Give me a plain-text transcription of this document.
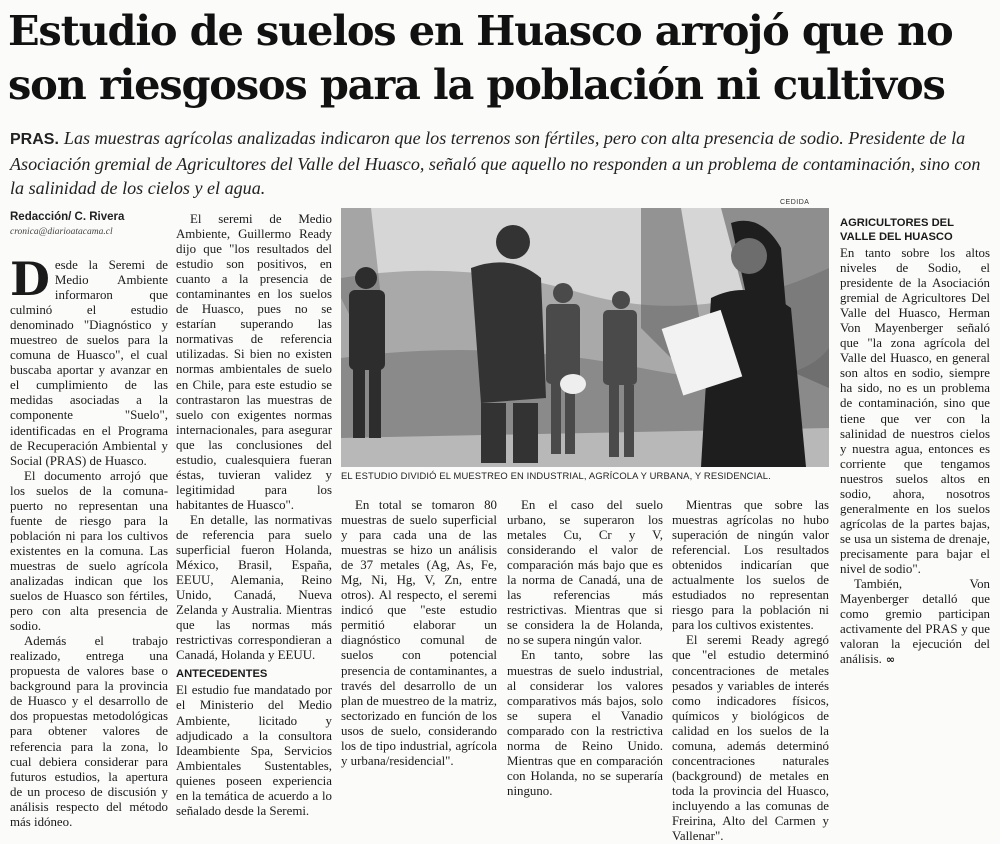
Estudio de suelos en Huasco arrojó que no
son riesgosos para la población ni cultivos

PRAS. Las muestras agrícolas analizadas indicaron que los terrenos son fértiles, pero con alta presencia de sodio. Presidente de la Asociación gremial de Agricultores del Valle del Huasco, señaló que aquello no responden a un problema de contaminación, sino con la salinidad de los cielos y el agua.

Redacción/ C. Rivera
cronica@diarioatacama.cl

Desde la Seremi de Medio Ambiente informaron que culminó el estudio denominado "Diagnóstico y muestreo de suelos para la comuna de Huasco", el cual buscaba aportar y avanzar en el cumplimiento de las medidas asociadas a la componente "Suelo", identificadas en el Programa de Recuperación Ambiental y Social (PRAS) de Huasco.

El documento arrojó que los suelos de la comuna-puerto no representan una fuente de riesgo para la población ni para los cultivos existentes en la comuna. Las muestras de suelo agrícola analizadas indican que los suelos de Huasco son fértiles, pero con alta presencia de sodio.

Además el trabajo realizado, entrega una propuesta de valores base o background para la provincia de Huasco y el desarrollo de dos propuestas metodológicas para obtener valores de referencia para la zona, lo cual debiera considerar para futuros estudios, la apertura de un proceso de discusión y análisis respecto del método más idóneo.

El seremi de Medio Ambiente, Guillermo Ready dijo que "los resultados del estudio son positivos, en cuanto a la presencia de contaminantes en los suelos de Huasco, pues no se estarían superando las normativas de referencia utilizadas. Si bien no existen normas ambientales de suelo en Chile, para este estudio se contrastaron las muestras de suelo con exigentes normas internacionales, para asegurar que las conclusiones del estudio, cualesquiera fueran éstas, tuvieran validez y legitimidad para los habitantes de Huasco".

En detalle, las normativas de referencia para suelo superficial fueron Holanda, México, Brasil, España, EEUU, Alemania, Reino Unido, Canadá, Nueva Zelanda y Australia. Mientras que las normas más restrictivas correspondieran a Canadá, Holanda y EEUU.

ANTECEDENTES

El estudio fue mandatado por el Ministerio del Medio Ambiente, licitado y adjudicado a la consultora Ideambiente Spa, Servicios Ambientales Sustentables, quienes poseen experiencia en la temática de acuerdo a lo señalado desde la Seremi.

CEDIDA
EL ESTUDIO DIVIDIÓ EL MUESTREO EN INDUSTRIAL, AGRÍCOLA Y URBANA, Y RESIDENCIAL.

En total se tomaron 80 muestras de suelo superficial y para cada una de las muestras se hizo un análisis de 37 metales (Ag, As, Fe, Mg, Ni, Hg, V, Zn, entre otros). Al respecto, el seremi indicó que "este estudio permitió elaborar un diagnóstico comunal de suelos con potencial presencia de contaminantes, a través del desarrollo de un plan de muestreo de la matriz, sectorizado en función de los usos de suelo, considerando los de tipo industrial, agrícola y urbana/residencial".

En el caso del suelo urbano, se superaron los metales Cu, Cr y V, considerando el valor de comparación más bajo que es la norma de Canadá, una de las referencias más restrictivas. Mientras que si se considera la de Holanda, no se supera ningún valor.

En tanto, sobre las muestras de suelo industrial, al considerar los valores comparativos más bajos, solo se supera el Vanadio comparado con la restrictiva norma de Reino Unido. Mientras que en comparación con Holanda, no se superaría ninguno.

Mientras que sobre las muestras agrícolas no hubo superación de ningún valor referencial. Los resultados obtenidos indicarían que actualmente los suelos de estudiados no representan riesgo para la población ni para los cultivos existentes.

El seremi Ready agregó que "el estudio determinó concentraciones de metales pesados y variables de interés como indicadores físicos, químicos y biológicos de calidad en los suelos de la comuna, además determinó concentraciones naturales (background) de metales en toda la provincia del Huasco, incluyendo a las comunas de Freirina, Alto del Carmen y Vallenar".

AGRICULTORES DEL VALLE DEL HUASCO

En tanto sobre los altos niveles de Sodio, el presidente de la Asociación gremial de Agricultores Del Valle del Huasco, Herman Von Mayenberger señaló que "la zona agrícola del Valle del Huasco, en general son altos en sodio, siempre ha sido, no es un problema de contaminación, sino que tiene que ver con la salinidad de nuestros cielos y nuestra agua, entonces es corriente que tengamos nuestros suelos altos en sodio, ahora, nosotros generalmente en los suelos agrícolas de la partes bajas, se usa un sistema de drenaje, precisamente para bajar el nivel de sodio".

También, Von Mayenberger detalló que como gremio participan activamente del PRAS y que valoran la ejecución del análisis. ∞
